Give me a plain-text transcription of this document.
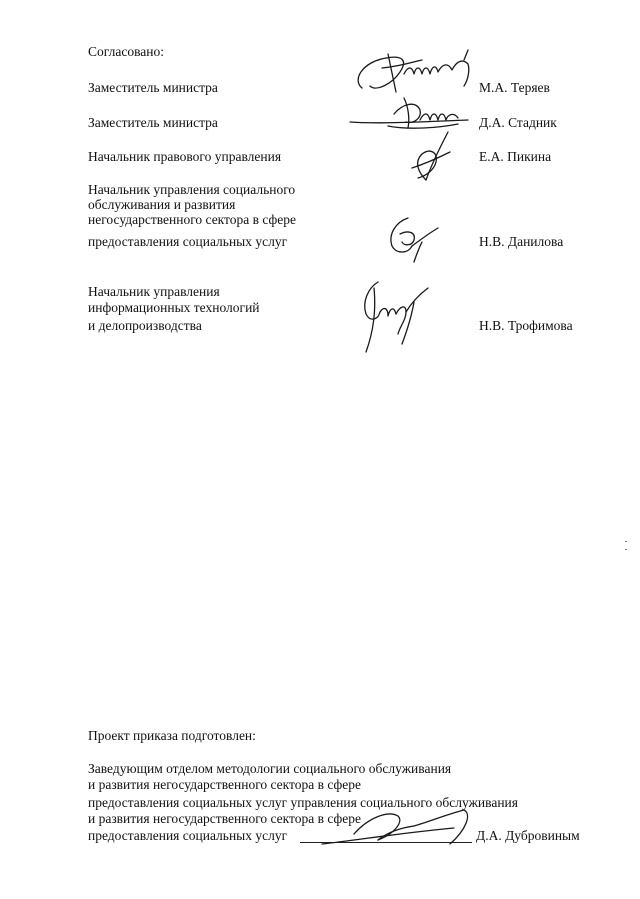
Согласовано:
Заместитель министра	М.А. Теряев
Заместитель министра	Д.А. Стадник
Начальник правового управления	Е.А. Пикина
Начальник управления социального
обслуживания и развития
негосударственного сектора в сфере
предоставления социальных услуг	Н.В. Данилова
Начальник управления
информационных технологий
и делопроизводства	Н.В. Трофимова
Проект приказа подготовлен:
Заведующим отделом методологии социального обслуживания
и развития негосударственного сектора в сфере
предоставления социальных услуг управления социального обслуживания
и развития негосударственного сектора в сфере
предоставления социальных услуг	Д.А. Дубровиным
